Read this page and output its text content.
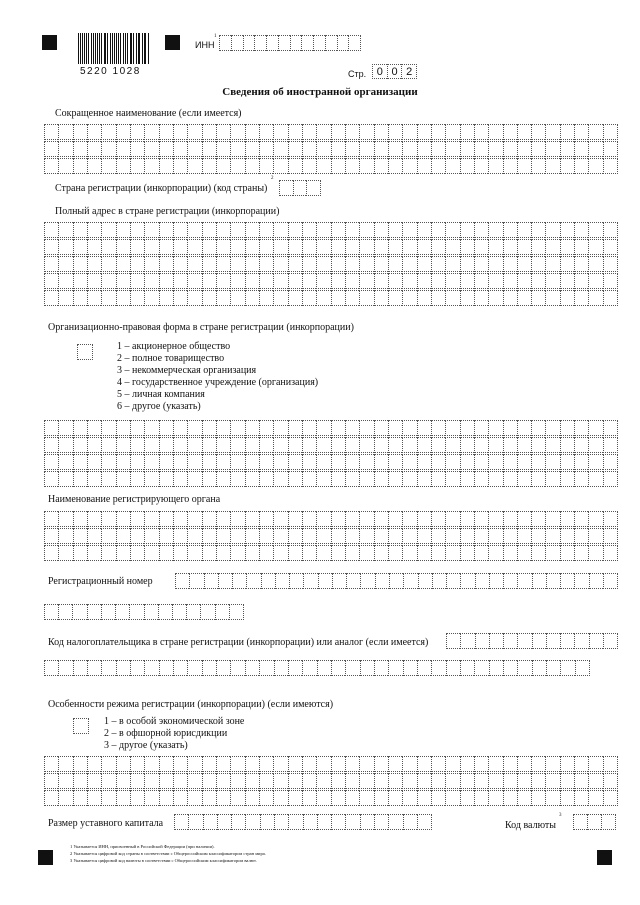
5220 1028
ИНН
1
Стр. 0 0 2
Сведения об иностранной организации
Сокращенное наименование (если имеется)
Страна регистрации (инкорпорации) (код страны)
2
Полный адрес в стране регистрации (инкорпорации)
Организационно-правовая форма в стране регистрации (инкорпорации)
1 – акционерное общество
2 – полное товарищество
3 – некоммерческая организация
4 – государственное учреждение (организация)
5 – личная компания
6 – другое (указать)
Наименование регистрирующего органа
Регистрационный номер
Код налогоплательщика в стране регистрации (инкорпорации) или аналог (если имеется)
Особенности режима регистрации (инкорпорации) (если имеются)
1 – в особой экономической зоне
2 – в офшорной юрисдикции
3 – другое (указать)
Размер уставного капитала	Код валюты
3
1 Указывается ИНН, присвоенный в Российской Федерации (при наличии).
2 Указывается цифровой код страны в соответствии с Общероссийским классификатором стран мира.
3 Указывается цифровой код валюты в соответствии с Общероссийским классификатором валют.
